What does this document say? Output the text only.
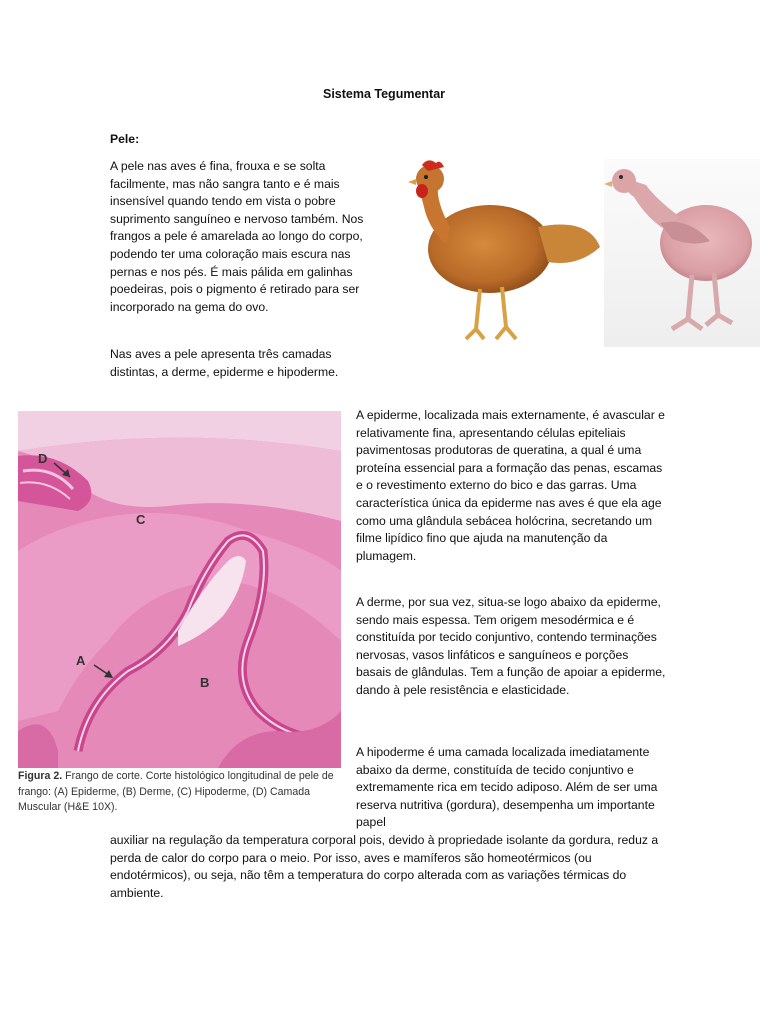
Sistema Tegumentar

Pele:

A pele nas aves é fina, frouxa e se solta facilmente, mas não sangra tanto e é mais insensível quando tendo em vista o pobre suprimento sanguíneo e nervoso também. Nos frangos a pele é amarelada ao longo do corpo, podendo ter uma coloração mais escura nas pernas e nos pés. É mais pálida em galinhas poedeiras, pois o pigmento é retirado para ser incorporado na gema do ovo.

Nas aves a pele apresenta três camadas distintas, a derme, epiderme e hipoderme.

D
C
A
B
Figura 2. Frango de corte. Corte histológico longitudinal de pele de frango: (A) Epiderme, (B) Derme, (C) Hipoderme, (D) Camada Muscular (H&E 10X).

A epiderme, localizada mais externamente, é avascular e relativamente fina, apresentando células epiteliais pavimentosas produtoras de queratina, a qual é uma proteína essencial para a formação das penas, escamas e o revestimento externo do bico e das garras. Uma característica única da epiderme nas aves é que ela age como uma glândula sebácea holócrina, secretando um filme lipídico fino que ajuda na manutenção da plumagem.

A derme, por sua vez, situa-se logo abaixo da epiderme, sendo mais espessa. Tem origem mesodérmica e é constituída por tecido conjuntivo, contendo terminações nervosas, vasos linfáticos e sanguíneos e porções basais de glândulas. Tem a função de apoiar a epiderme, dando à pele resistência e elasticidade.

A hipoderme é uma camada localizada imediatamente abaixo da derme, constituída de tecido conjuntivo e extremamente rica em tecido adiposo. Além de ser uma reserva nutritiva (gordura), desempenha um importante papel

auxiliar na regulação da temperatura corporal pois, devido à propriedade isolante da gordura, reduz a perda de calor do corpo para o meio. Por isso, aves e mamíferos são homeotérmicos (ou endotérmicos), ou seja, não têm a temperatura do corpo alterada com as variações térmicas do ambiente.
